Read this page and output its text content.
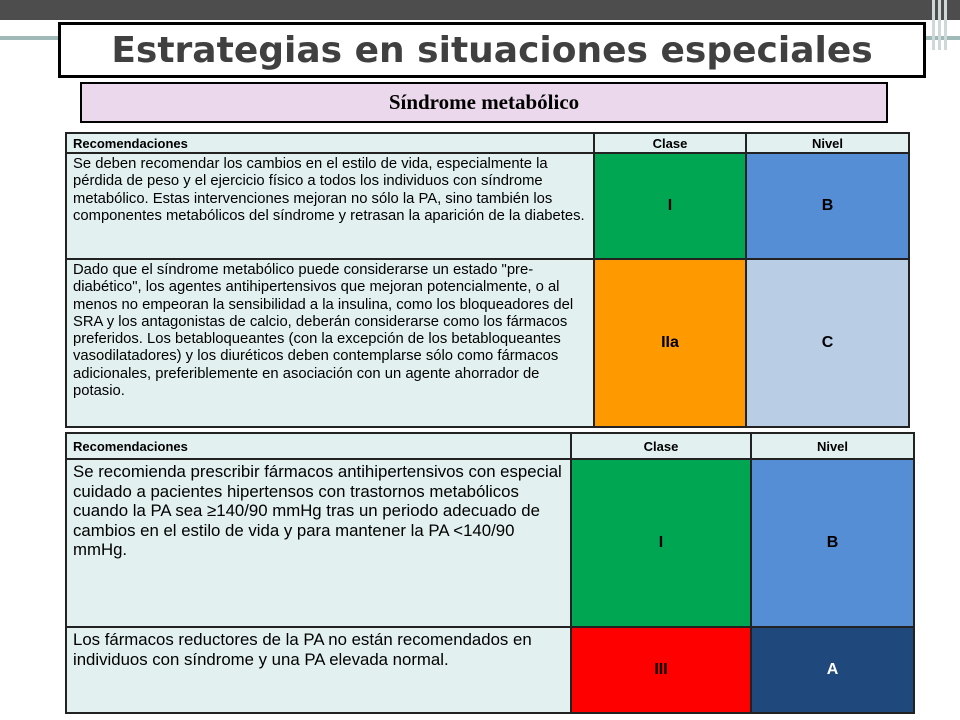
Estrategias en situaciones especiales
Síndrome metabólico
Recomendaciones	Clase	Nivel
Se deben recomendar los cambios en el estilo de vida, especialmente la pérdida de peso y el ejercicio físico a todos los individuos con síndrome metabólico. Estas intervenciones mejoran no sólo la PA, sino también los componentes metabólicos del síndrome y retrasan la aparición de la diabetes.	I	B
Dado que el síndrome metabólico puede considerarse un estado "pre-diabético", los agentes antihipertensivos que mejoran potencialmente, o al menos no empeoran la sensibilidad a la insulina, como los bloqueadores del SRA y los antagonistas de calcio, deberán considerarse como los fármacos preferidos. Los betabloqueantes (con la excepción de los betabloqueantes vasodilatadores) y los diuréticos deben contemplarse sólo como fármacos adicionales, preferiblemente en asociación con un agente ahorrador de potasio.	IIa	C
Recomendaciones	Clase	Nivel
Se recomienda prescribir fármacos antihipertensivos con especial cuidado a pacientes hipertensos con trastornos metabólicos cuando la PA sea ≥140/90 mmHg tras un periodo adecuado de cambios en el estilo de vida y para mantener la PA <140/90 mmHg.	I	B
Los fármacos reductores de la PA no están recomendados en individuos con síndrome y una PA elevada normal.	III	A
